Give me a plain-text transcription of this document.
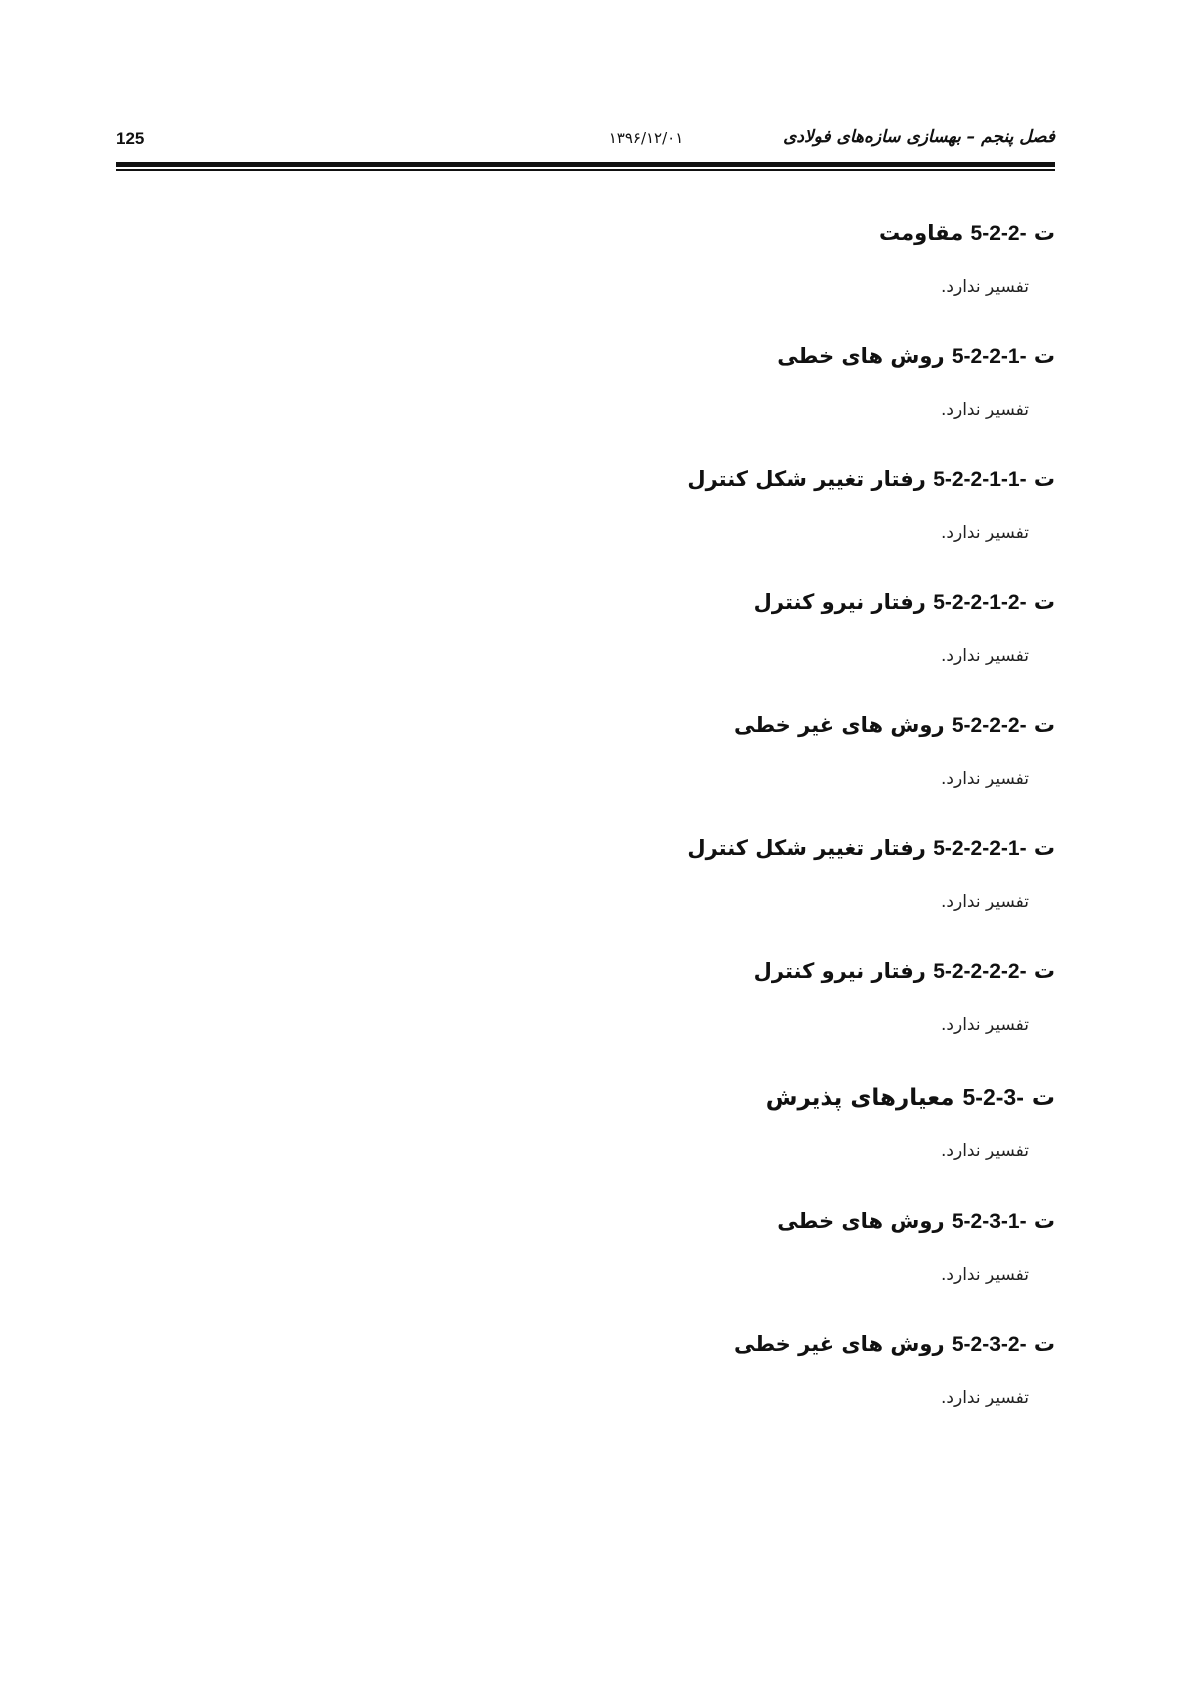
125	۱۳۹۶/۱۲/۰۱	فصل پنجم – بهسازی سازه‌های فولادی
ت 5-2-2- مقاومت
تفسیر ندارد.
ت 5-2-2-1- روش های خطی
تفسیر ندارد.
ت 5-2-2-1-1- رفتار تغییر شکل کنترل
تفسیر ندارد.
ت 5-2-2-1-2- رفتار نیرو کنترل
تفسیر ندارد.
ت 5-2-2-2- روش های غیر خطی
تفسیر ندارد.
ت 5-2-2-2-1- رفتار تغییر شکل کنترل
تفسیر ندارد.
ت 5-2-2-2-2- رفتار نیرو کنترل
تفسیر ندارد.
ت 5-2-3- معیارهای پذیرش
تفسیر ندارد.
ت 5-2-3-1- روش های خطی
تفسیر ندارد.
ت 5-2-3-2- روش های غیر خطی
تفسیر ندارد.
